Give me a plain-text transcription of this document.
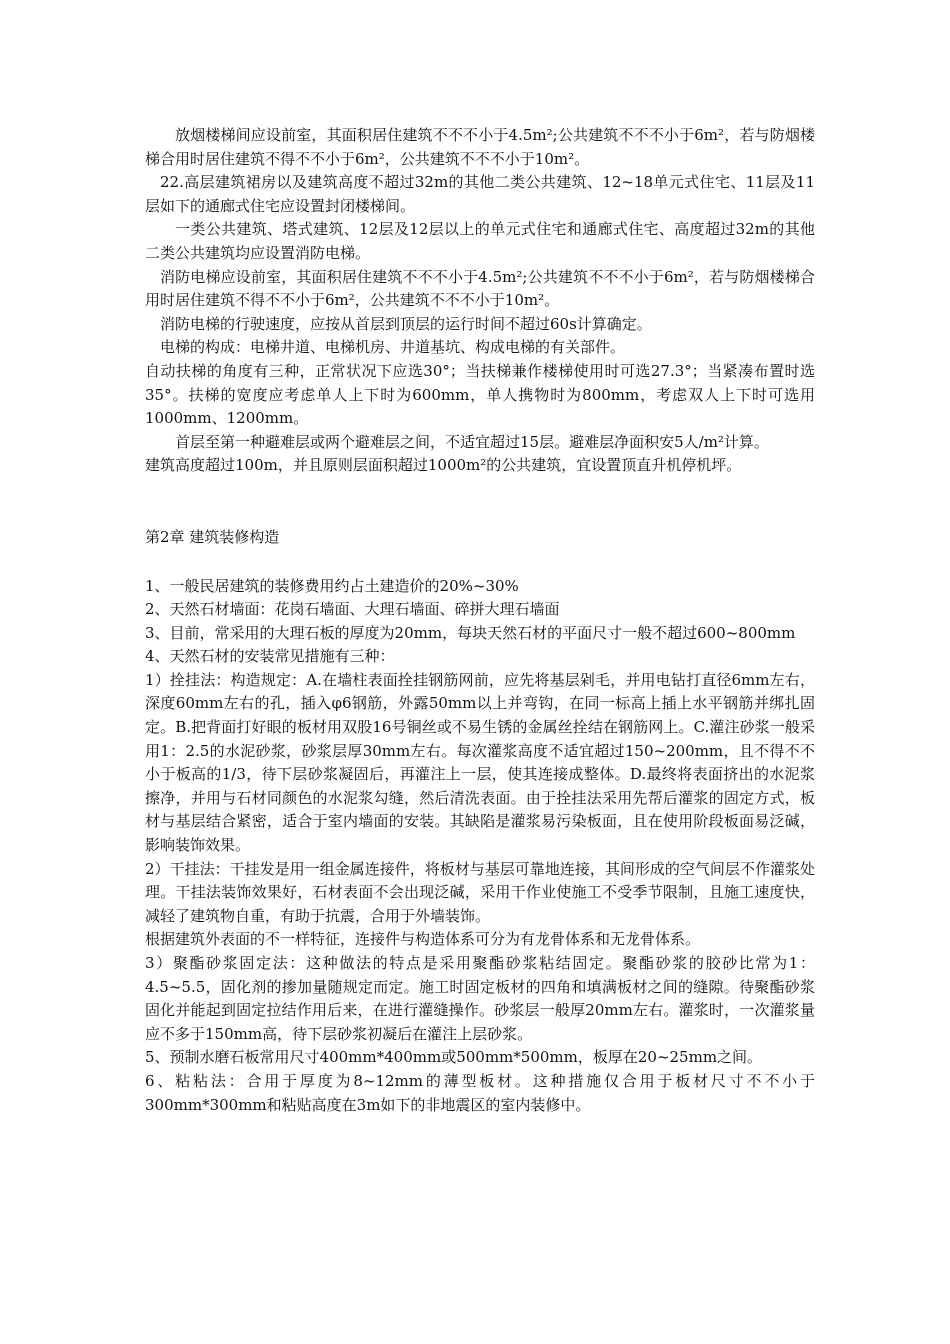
放烟楼梯间应设前室，其面积居住建筑不不不小于4.5m²;公共建筑不不不小于6m²，若与防烟楼梯合用时居住建筑不得不不小于6m²，公共建筑不不不小于10m²。

22.高层建筑裙房以及建筑高度不超过32m的其他二类公共建筑、12~18单元式住宅、11层及11层如下的通廊式住宅应设置封闭楼梯间。

一类公共建筑、塔式建筑、12层及12层以上的单元式住宅和通廊式住宅、高度超过32m的其他二类公共建筑均应设置消防电梯。

消防电梯应设前室，其面积居住建筑不不不小于4.5m²;公共建筑不不不小于6m²，若与防烟楼梯合用时居住建筑不得不不小于6m²，公共建筑不不不小于10m²。

消防电梯的行驶速度，应按从首层到顶层的运行时间不超过60s计算确定。

电梯的构成：电梯井道、电梯机房、井道基坑、构成电梯的有关部件。

自动扶梯的角度有三种，正常状况下应选30°；当扶梯兼作楼梯使用时可选27.3°；当紧凑布置时选35°。扶梯的宽度应考虑单人上下时为600mm，单人携物时为800mm，考虑双人上下时可选用1000mm、1200mm。

首层至第一种避难层或两个避难层之间，不适宜超过15层。避难层净面积安5人/m²计算。

建筑高度超过100m，并且原则层面积超过1000m²的公共建筑，宜设置顶直升机停机坪。

第2章 建筑装修构造

1、一般民居建筑的装修费用约占土建造价的20%~30%

2、天然石材墙面：花岗石墙面、大理石墙面、碎拼大理石墙面

3、目前，常采用的大理石板的厚度为20mm，每块天然石材的平面尺寸一般不超过600~800mm

4、天然石材的安装常见措施有三种：

1）拴挂法：构造规定：A.在墙柱表面拴挂钢筋网前，应先将基层剁毛，并用电钻打直径6mm左右，深度60mm左右的孔，插入φ6钢筋，外露50mm以上并弯钩，在同一标高上插上水平钢筋并绑扎固定。B.把背面打好眼的板材用双股16号铜丝或不易生锈的金属丝拴结在钢筋网上。C.灌注砂浆一般采用1：2.5的水泥砂浆，砂浆层厚30mm左右。每次灌浆高度不适宜超过150~200mm，且不得不不小于板高的1/3，待下层砂浆凝固后，再灌注上一层，使其连接成整体。D.最终将表面挤出的水泥浆擦净，并用与石材同颜色的水泥浆勾缝，然后清洗表面。由于拴挂法采用先帮后灌浆的固定方式，板材与基层结合紧密，适合于室内墙面的安装。其缺陷是灌浆易污染板面，且在使用阶段板面易泛碱，影响装饰效果。

2）干挂法：干挂发是用一组金属连接件，将板材与基层可靠地连接，其间形成的空气间层不作灌浆处理。干挂法装饰效果好，石材表面不会出现泛碱，采用干作业使施工不受季节限制，且施工速度快，减轻了建筑物自重，有助于抗震，合用于外墙装饰。

根据建筑外表面的不一样特征，连接件与构造体系可分为有龙骨体系和无龙骨体系。

3）聚酯砂浆固定法：这种做法的特点是采用聚酯砂浆粘结固定。聚酯砂浆的胶砂比常为1：4.5~5.5，固化剂的掺加量随规定而定。施工时固定板材的四角和填满板材之间的缝隙。待聚酯砂浆固化并能起到固定拉结作用后来，在进行灌缝操作。砂浆层一般厚20mm左右。灌浆时，一次灌浆量应不多于150mm高，待下层砂浆初凝后在灌注上层砂浆。

5、预制水磨石板常用尺寸400mm*400mm或500mm*500mm，板厚在20~25mm之间。

6、粘粘法：合用于厚度为8~12mm的薄型板材。这种措施仅合用于板材尺寸不不小于300mm*300mm和粘贴高度在3m如下的非地震区的室内装修中。
